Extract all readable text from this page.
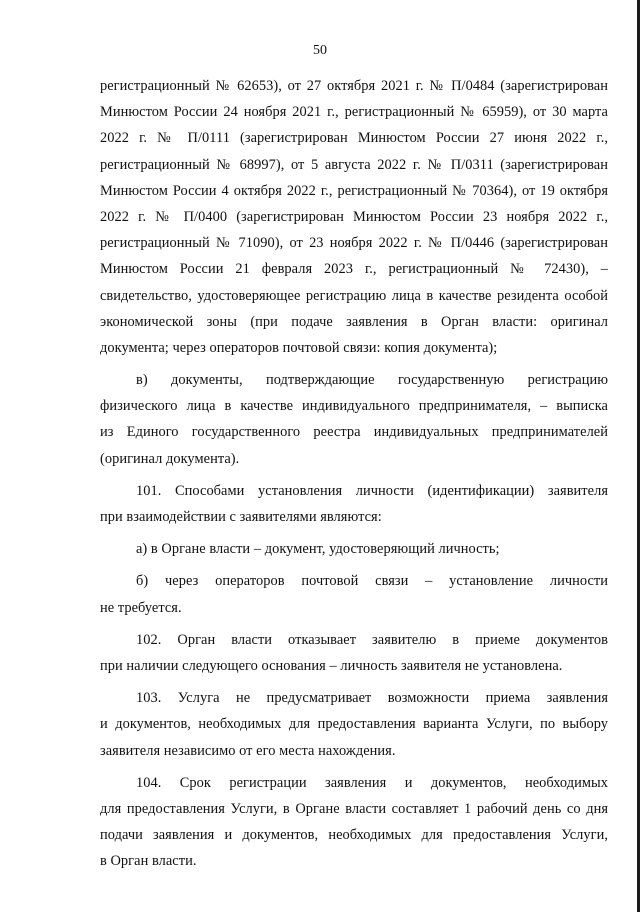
50
регистрационный № 62653), от 27 октября 2021 г. № П/0484 (зарегистрирован
Минюстом России 24 ноября 2021 г., регистрационный № 65959), от 30 марта
2022 г. № П/0111 (зарегистрирован Минюстом России 27 июня 2022 г.,
регистрационный № 68997), от 5 августа 2022 г. № П/0311 (зарегистрирован
Минюстом России 4 октября 2022 г., регистрационный № 70364), от 19 октября
2022 г. № П/0400 (зарегистрирован Минюстом России 23 ноября 2022 г.,
регистрационный № 71090), от 23 ноября 2022 г. № П/0446 (зарегистрирован
Минюстом России 21 февраля 2023 г., регистрационный № 72430), –
свидетельство, удостоверяющее регистрацию лица в качестве резидента особой
экономической зоны (при подаче заявления в Орган власти: оригинал
документа; через операторов почтовой связи: копия документа);
в) документы, подтверждающие государственную регистрацию
физического лица в качестве индивидуального предпринимателя, – выписка
из Единого государственного реестра индивидуальных предпринимателей
(оригинал документа).
101. Способами установления личности (идентификации) заявителя
при взаимодействии с заявителями являются:
а) в Органе власти – документ, удостоверяющий личность;
б) через операторов почтовой связи – установление личности
не требуется.
102. Орган власти отказывает заявителю в приеме документов
при наличии следующего основания – личность заявителя не установлена.
103. Услуга не предусматривает возможности приема заявления
и документов, необходимых для предоставления варианта Услуги, по выбору
заявителя независимо от его места нахождения.
104. Срок регистрации заявления и документов, необходимых
для предоставления Услуги, в Органе власти составляет 1 рабочий день со дня
подачи заявления и документов, необходимых для предоставления Услуги,
в Орган власти.
